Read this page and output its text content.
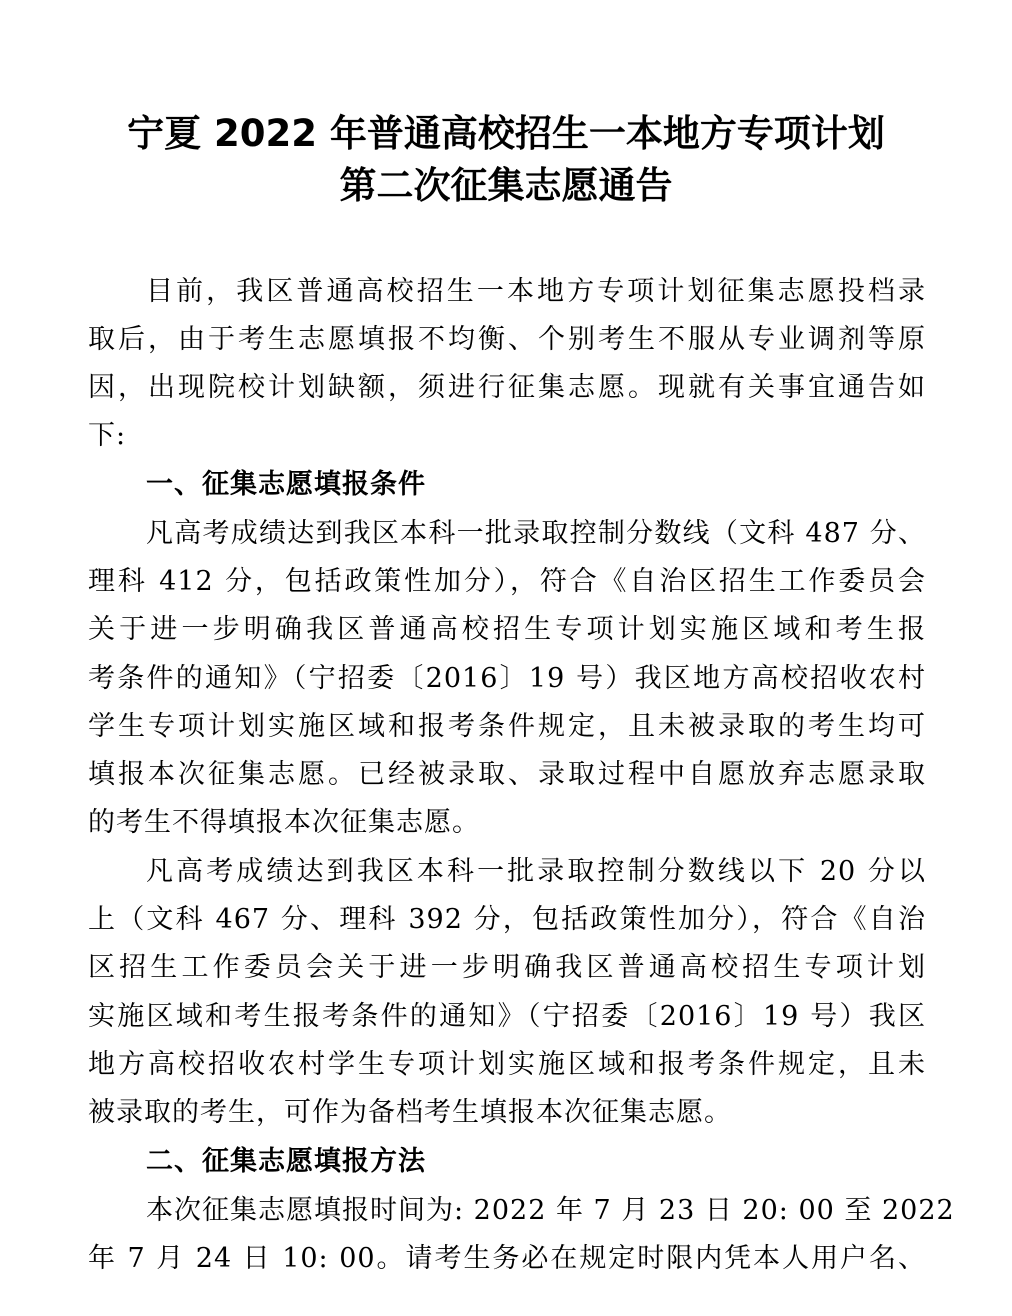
宁夏 2022 年普通高校招生一本地方专项计划
第二次征集志愿通告
目前，我区普通高校招生一本地方专项计划征集志愿投档录
取后，由于考生志愿填报不均衡、个别考生不服从专业调剂等原
因，出现院校计划缺额，须进行征集志愿。现就有关事宜通告如
下:
一、征集志愿填报条件
凡高考成绩达到我区本科一批录取控制分数线（文科 487 分、
理科 412 分，包括政策性加分），符合《自治区招生工作委员会
关于进一步明确我区普通高校招生专项计划实施区域和考生报
考条件的通知》（宁招委〔2016〕19 号）我区地方高校招收农村
学生专项计划实施区域和报考条件规定，且未被录取的考生均可
填报本次征集志愿。已经被录取、录取过程中自愿放弃志愿录取
的考生不得填报本次征集志愿。
凡高考成绩达到我区本科一批录取控制分数线以下 20 分以
上（文科 467 分、理科 392 分，包括政策性加分），符合《自治
区招生工作委员会关于进一步明确我区普通高校招生专项计划
实施区域和考生报考条件的通知》（宁招委〔2016〕19 号）我区
地方高校招收农村学生专项计划实施区域和报考条件规定，且未
被录取的考生，可作为备档考生填报本次征集志愿。
二、征集志愿填报方法
本次征集志愿填报时间为: 2022 年 7 月 23 日 20: 00 至 2022
年 7 月 24 日 10: 00。请考生务必在规定时限内凭本人用户名、
